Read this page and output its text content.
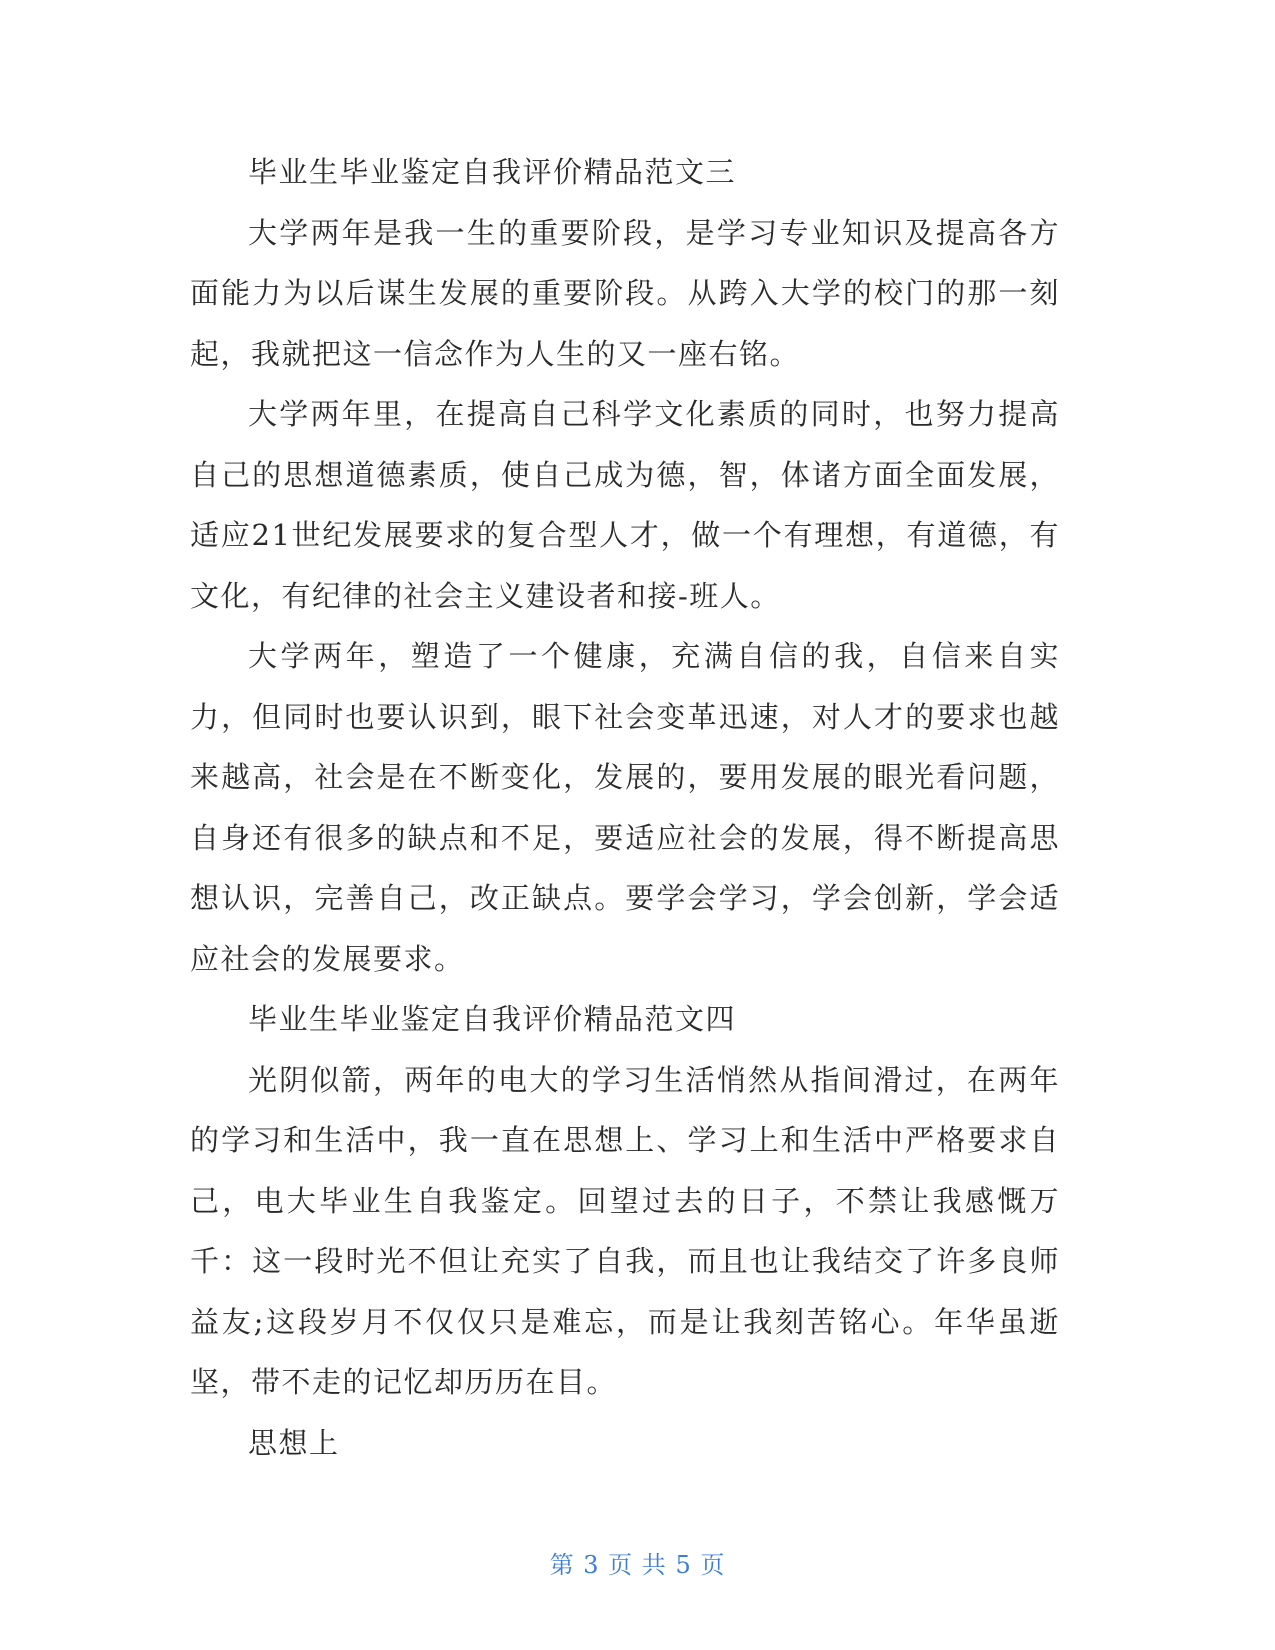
毕业生毕业鉴定自我评价精品范文三

大学两年是我一生的重要阶段，是学习专业知识及提高各方面能力为以后谋生发展的重要阶段。从跨入大学的校门的那一刻起，我就把这一信念作为人生的又一座右铭。

大学两年里，在提高自己科学文化素质的同时，也努力提高自己的思想道德素质，使自己成为德，智，体诸方面全面发展，适应21世纪发展要求的复合型人才，做一个有理想，有道德，有文化，有纪律的社会主义建设者和接-班人。

大学两年，塑造了一个健康，充满自信的我，自信来自实力，但同时也要认识到，眼下社会变革迅速，对人才的要求也越来越高，社会是在不断变化，发展的，要用发展的眼光看问题，自身还有很多的缺点和不足，要适应社会的发展，得不断提高思想认识，完善自己，改正缺点。要学会学习，学会创新，学会适应社会的发展要求。

毕业生毕业鉴定自我评价精品范文四

光阴似箭，两年的电大的学习生活悄然从指间滑过，在两年的学习和生活中，我一直在思想上、学习上和生活中严格要求自己，电大毕业生自我鉴定。回望过去的日子，不禁让我感慨万千：这一段时光不但让充实了自我，而且也让我结交了许多良师益友;这段岁月不仅仅只是难忘，而是让我刻苦铭心。年华虽逝坚，带不走的记忆却历历在目。

思想上

第 3 页 共 5 页
